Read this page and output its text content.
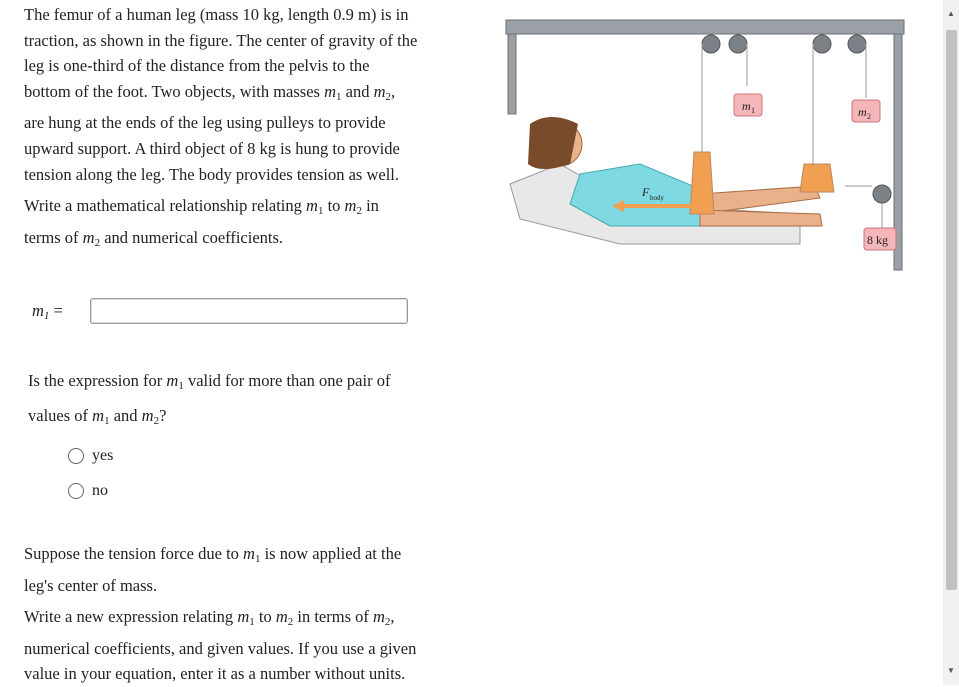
The femur of a human leg (mass 10 kg, length 0.9 m) is in
traction, as shown in the figure. The center of gravity of the
leg is one-third of the distance from the pelvis to the
bottom of the foot. Two objects, with masses $m_1$ and $m_2$,
are hung at the ends of the leg using pulleys to provide
upward support. A third object of 8 kg is hung to provide
tension along the leg. The body provides tension as well.
Write a mathematical relationship relating $m_1$ to $m_2$ in
terms of $m_2$ and numerical coefficients.
$m_1$ =
Is the expression for $m_1$ valid for more than one pair of
values of $m_1$ and $m_2$?
yes
no
Suppose the tension force due to $m_1$ is now applied at the
leg's center of mass.
Write a new expression relating $m_1$ to $m_2$ in terms of $m_2$,
numerical coefficients, and given values. If you use a given
value in your equation, enter it as a number without units.
m 1	m 2
8 kg
F body
▲
▼
